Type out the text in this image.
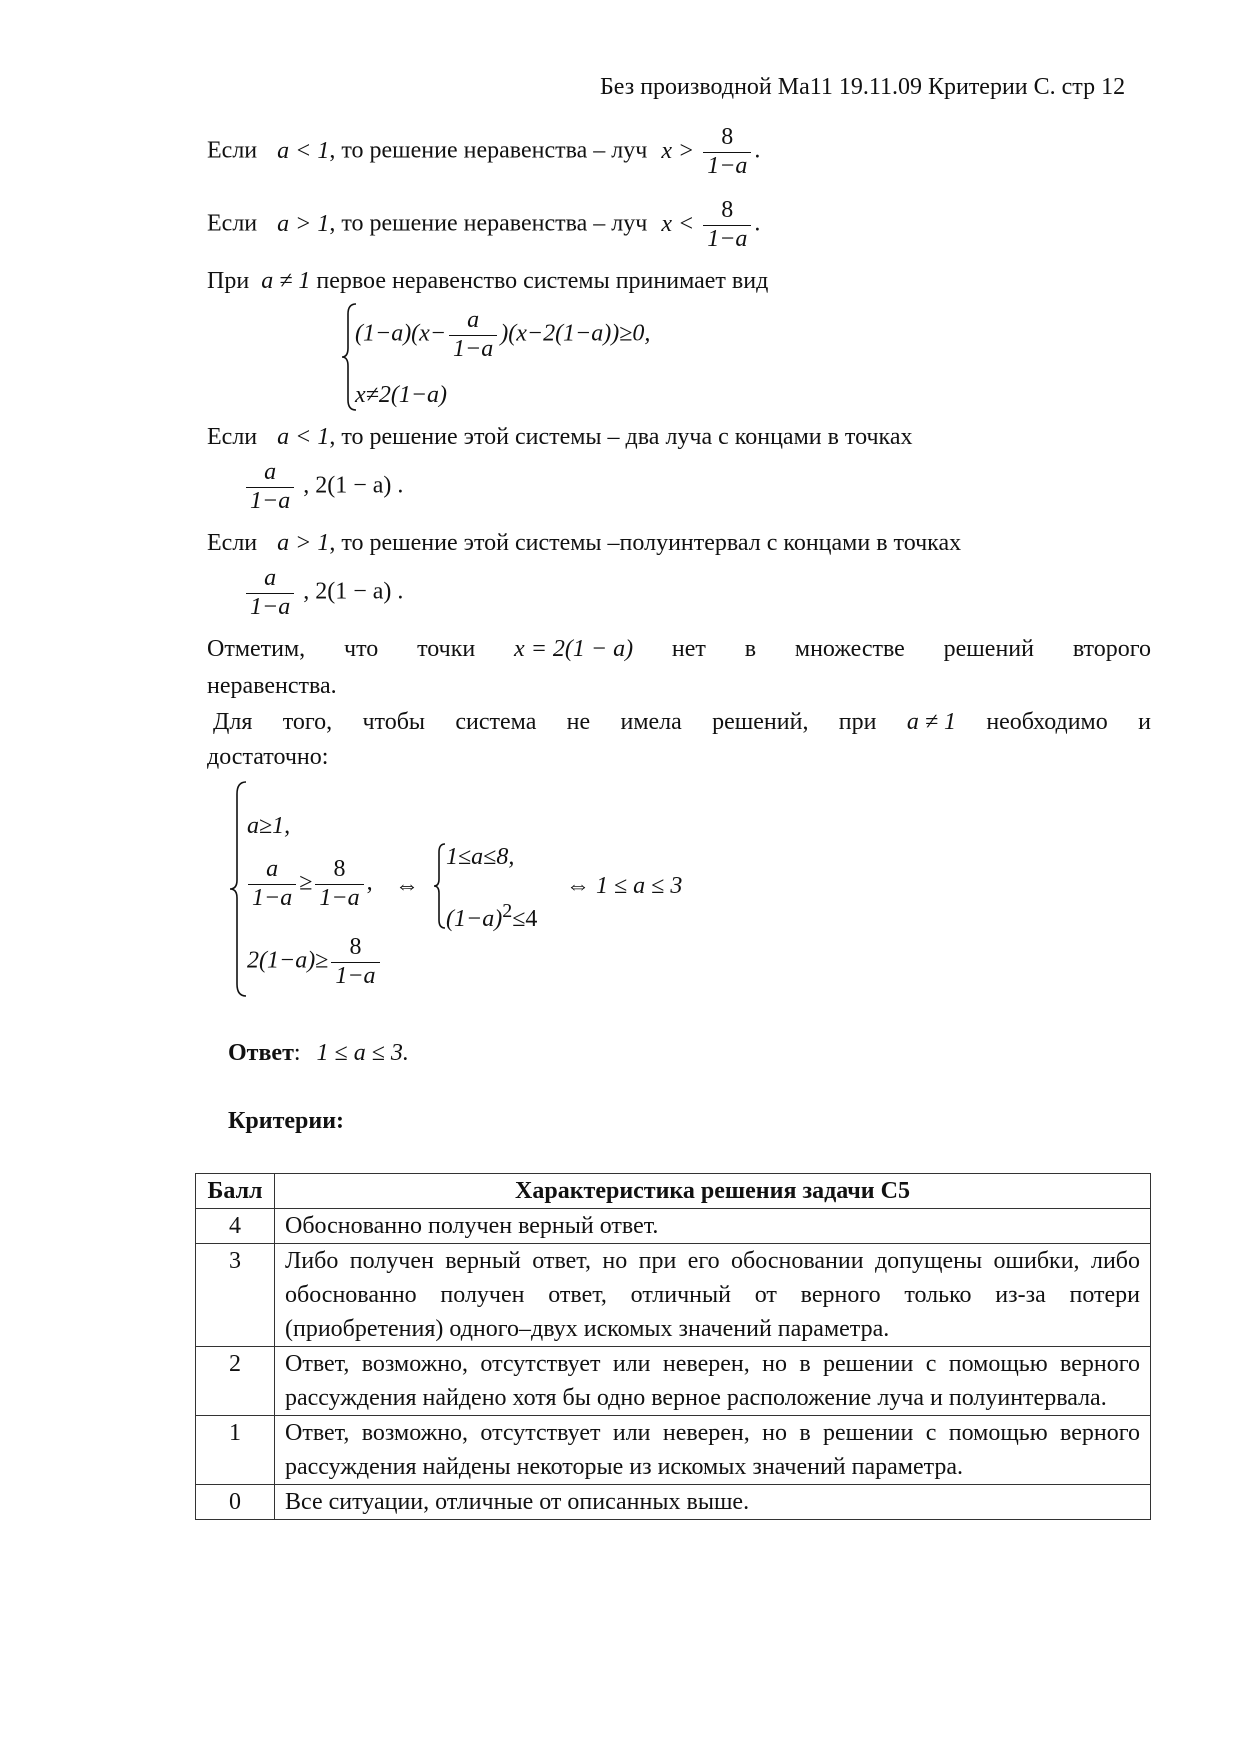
Без производной Ма11 19.11.09 Критерии С. стр 12
Если a < 1, то решение неравенства – луч $x > \frac{8}{1-a}$ .
Если a > 1, то решение неравенства – луч $x < \frac{8}{1-a}$ .
При a ≠ 1 первое неравенство системы принимает вид
$(1-a)(x- \frac{a}{1-a} )(x-2(1-a))\ge 0$,
x≠2(1−a)
Если a < 1, то решение этой системы – два луча с концами в точках
$\frac{a}{1-a}$ , 2(1 − a) .
Если a > 1, то решение этой системы –полуинтервал с концами в точках
$\frac{a}{1-a}$ , 2(1 − a) .
Отметим, что точки x = 2(1 − a) нет в множестве решений второго
неравенства.
Для того, чтобы система не имела решений, при a ≠ 1 необходимо и
достаточно:
a≥1,
$\frac{a}{1-a} \ge \frac{8}{1-a}$ ,
$2(1-a)\ge \frac{8}{1-a}$
⇔
1≤a≤8,
$(1-a)^2\le 4$
⇔ 1 ≤ a ≤ 3
Ответ: 1 ≤ a ≤ 3.
Критерии:
Балл	Характеристика решения задачи С5
4	Обоснованно получен верный ответ.
3	Либо получен верный ответ, но при его обосновании допущены ошибки, либо обоснованно получен ответ, отличный от верного только из-за потери (приобретения) одного–двух искомых значений параметра.
2	Ответ, возможно, отсутствует или неверен, но в решении с помощью верного рассуждения найдено хотя бы одно верное расположение луча и полуинтервала.
1	Ответ, возможно, отсутствует или неверен, но в решении с помощью верного рассуждения найдены некоторые из искомых значений параметра.
0	Все ситуации, отличные от описанных выше.
